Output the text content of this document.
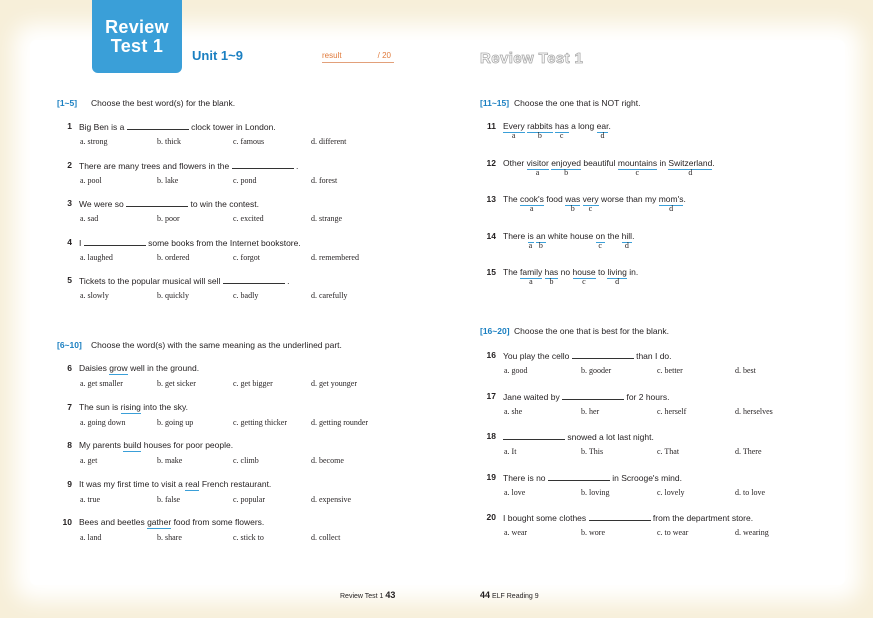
Review
Test 1	Unit 1~9	result	/ 20
[1~5] Choose the best word(s) for the blank.
1 Big Ben is a	clock tower in London.
a. strong	b. thick	c. famous	d. different
2 There are many trees and flowers in the	.
a. pool	b. lake	c. pond	d. forest
3 We were so	to win the contest.
a. sad	b. poor	c. excited	d. strange
4 I	some books from the Internet bookstore.
a. laughed	b. ordered	c. forgot	d. remembered
5 Tickets to the popular musical will sell	.
a. slowly	b. quickly	c. badly	d. carefully
[6~10] Choose the word(s) with the same meaning as the underlined part.
6 Daisies grow well in the ground.
a. get smaller	b. get sicker	c. get bigger	d. get younger
7 The sun is rising into the sky.
a. going down	b. going up	c. getting thicker	d. getting rounder
8 My parents build houses for poor people.
a. get	b. make	c. climb	d. become
9 It was my first time to visit a real French restaurant.
a. true	b. false	c. popular	d. expensive
10 Bees and beetles gather food from some flowers.
a. land	b. share	c. stick to	d. collect
Review Test 1 43
Review Test 1
[11~15] Choose the one that is NOT right.
11 Every rabbits has a long ear.
a	b c	d
12 Other visitor enjoyed beautiful mountains in Switzerland.
a	b	c	d
13 The cook's food was very worse than my mom's.
a	b c	d
14 There is an white house on the hill.
a b	c	d
15 The family has no house to living in.
a b	c	d
[16~20] Choose the one that is best for the blank.
16 You play the cello	than I do.
a. good	b. gooder	c. better	d. best
17 Jane waited by	for 2 hours.
a. she	b. her	c. herself	d. herselves
18	snowed a lot last night.
a. It	b. This	c. That	d. There
19 There is no	in Scrooge's mind.
a. love	b. loving	c. lovely	d. to love
20 I bought some clothes	from the department store.
a. wear	b. wore	c. to wear	d. wearing
44 ELF Reading 9
